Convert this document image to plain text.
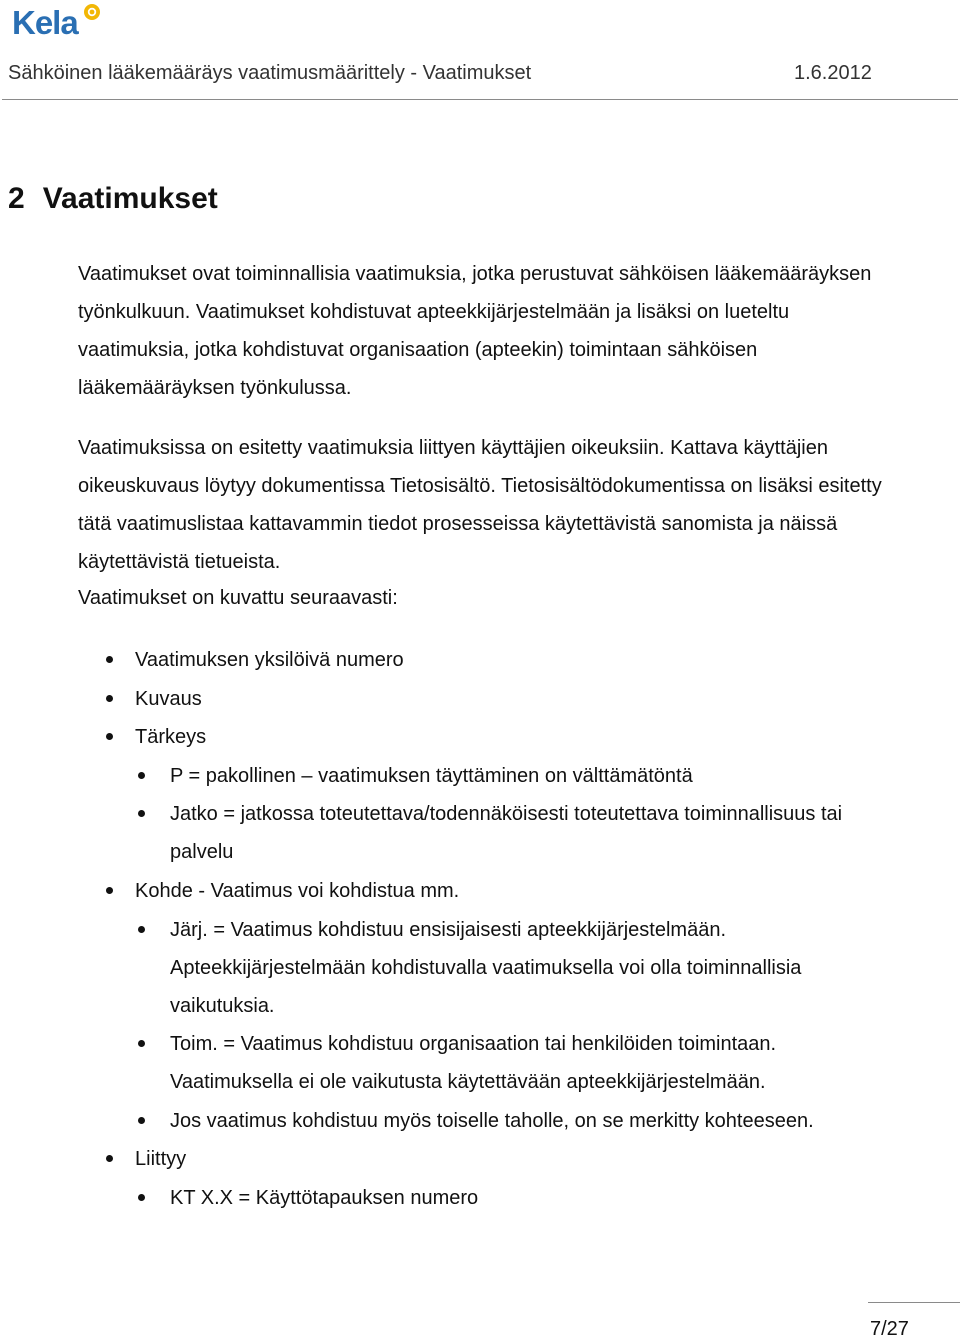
Kela
Sähköinen lääkemääräys vaatimusmäärittely - Vaatimukset	1.6.2012
2 Vaatimukset
Vaatimukset ovat toiminnallisia vaatimuksia, jotka perustuvat sähköisen lääkemääräyksen
työnkulkuun. Vaatimukset kohdistuvat apteekkijärjestelmään ja lisäksi on lueteltu
vaatimuksia, jotka kohdistuvat organisaation (apteekin) toimintaan sähköisen
lääkemääräyksen työnkulussa.
Vaatimuksissa on esitetty vaatimuksia liittyen käyttäjien oikeuksiin. Kattava käyttäjien
oikeuskuvaus löytyy dokumentissa Tietosisältö. Tietosisältödokumentissa on lisäksi esitetty
tätä vaatimuslistaa kattavammin tiedot prosesseissa käytettävistä sanomista ja näissä
käytettävistä tietueista.
Vaatimukset on kuvattu seuraavasti:
Vaatimuksen yksilöivä numero
Kuvaus
Tärkeys
P = pakollinen – vaatimuksen täyttäminen on välttämätöntä
Jatko = jatkossa toteutettava/todennäköisesti toteutettava toiminnallisuus tai
palvelu
Kohde - Vaatimus voi kohdistua mm.
Järj. = Vaatimus kohdistuu ensisijaisesti apteekkijärjestelmään.
Apteekkijärjestelmään kohdistuvalla vaatimuksella voi olla toiminnallisia
vaikutuksia.
Toim. = Vaatimus kohdistuu organisaation tai henkilöiden toimintaan.
Vaatimuksella ei ole vaikutusta käytettävään apteekkijärjestelmään.
Jos vaatimus kohdistuu myös toiselle taholle, on se merkitty kohteeseen.
Liittyy
KT X.X = Käyttötapauksen numero
7/27
